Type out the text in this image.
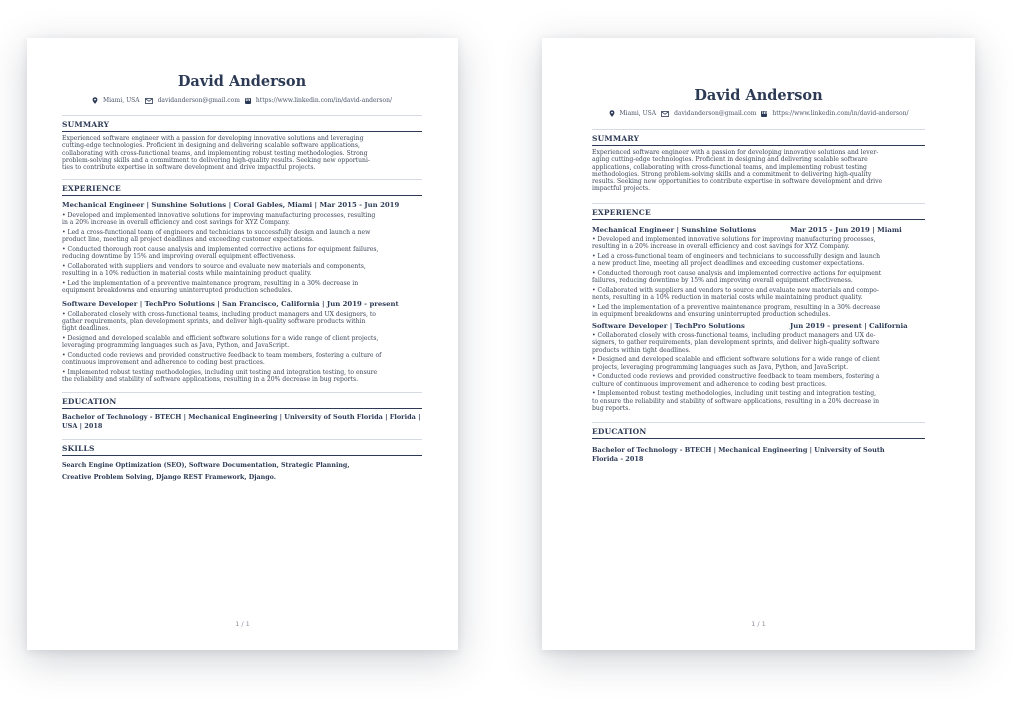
David Anderson
Miami, USA	davidanderson@gmail.com in https://www.linkedin.com/in/david-anderson/
SUMMARY

Experienced software engineer with a passion for developing innovative solutions and leveraging
cutting-edge technologies. Proficient in designing and delivering scalable software applications,
collaborating with cross-functional teams, and implementing robust testing methodologies. Strong
problem-solving skills and a commitment to delivering high-quality results. Seeking new opportuni-
ties to contribute expertise in software development and drive impactful projects.

EXPERIENCE

Mechanical Engineer | Sunshine Solutions | Coral Gables, Miami | Mar 2015 - Jun 2019

• Developed and implemented innovative solutions for improving manufacturing processes, resulting
in a 20% increase in overall efficiency and cost savings for XYZ Company.

• Led a cross-functional team of engineers and technicians to successfully design and launch a new
product line, meeting all project deadlines and exceeding customer expectations.

• Conducted thorough root cause analysis and implemented corrective actions for equipment failures,
reducing downtime by 15% and improving overall equipment effectiveness.

• Collaborated with suppliers and vendors to source and evaluate new materials and components,
resulting in a 10% reduction in material costs while maintaining product quality.

• Led the implementation of a preventive maintenance program, resulting in a 30% decrease in
equipment breakdowns and ensuring uninterrupted production schedules.

Software Developer | TechPro Solutions | San Francisco, California | Jun 2019 - present

• Collaborated closely with cross-functional teams, including product managers and UX designers, to
gather requirements, plan development sprints, and deliver high-quality software products within
tight deadlines.

• Designed and developed scalable and efficient software solutions for a wide range of client projects,
leveraging programming languages such as Java, Python, and JavaScript.

• Conducted code reviews and provided constructive feedback to team members, fostering a culture of
continuous improvement and adherence to coding best practices.

• Implemented robust testing methodologies, including unit testing and integration testing, to ensure
the reliability and stability of software applications, resulting in a 20% decrease in bug reports.

EDUCATION

Bachelor of Technology - BTECH | Mechanical Engineering | University of South Florida | Florida |
USA | 2018

SKILLS

Search Engine Optimization (SEO), Software Documentation, Strategic Planning,
Creative Problem Solving, Django REST Framework, Django.

1 / 1
David Anderson
Miami, USA	davidanderson@gmail.com in https://www.linkedin.com/in/david-anderson/
SUMMARY

Experienced software engineer with a passion for developing innovative solutions and lever-
aging cutting-edge technologies. Proficient in designing and delivering scalable software
applications, collaborating with cross-functional teams, and implementing robust testing
methodologies. Strong problem-solving skills and a commitment to delivering high-quality
results. Seeking new opportunities to contribute expertise in software development and drive
impactful projects.

EXPERIENCE
Mechanical Engineer | Sunshine Solutions	Mar 2015 - Jun 2019 | Miami

• Developed and implemented innovative solutions for improving manufacturing processes,
resulting in a 20% increase in overall efficiency and cost savings for XYZ Company.

• Led a cross-functional team of engineers and technicians to successfully design and launch
a new product line, meeting all project deadlines and exceeding customer expectations.

• Conducted thorough root cause analysis and implemented corrective actions for equipment
failures, reducing downtime by 15% and improving overall equipment effectiveness.

• Collaborated with suppliers and vendors to source and evaluate new materials and compo-
nents, resulting in a 10% reduction in material costs while maintaining product quality.

• Led the implementation of a preventive maintenance program, resulting in a 30% decrease
in equipment breakdowns and ensuring uninterrupted production schedules.

Software Developer | TechPro Solutions	Jun 2019 - present | California

• Collaborated closely with cross-functional teams, including product managers and UX de-
signers, to gather requirements, plan development sprints, and deliver high-quality software
products within tight deadlines.

• Designed and developed scalable and efficient software solutions for a wide range of client
projects, leveraging programming languages such as Java, Python, and JavaScript.

• Conducted code reviews and provided constructive feedback to team members, fostering a
culture of continuous improvement and adherence to coding best practices.

• Implemented robust testing methodologies, including unit testing and integration testing,
to ensure the reliability and stability of software applications, resulting in a 20% decrease in
bug reports.

EDUCATION

Bachelor of Technology - BTECH | Mechanical Engineering | University of South
Florida - 2018

1 / 1
